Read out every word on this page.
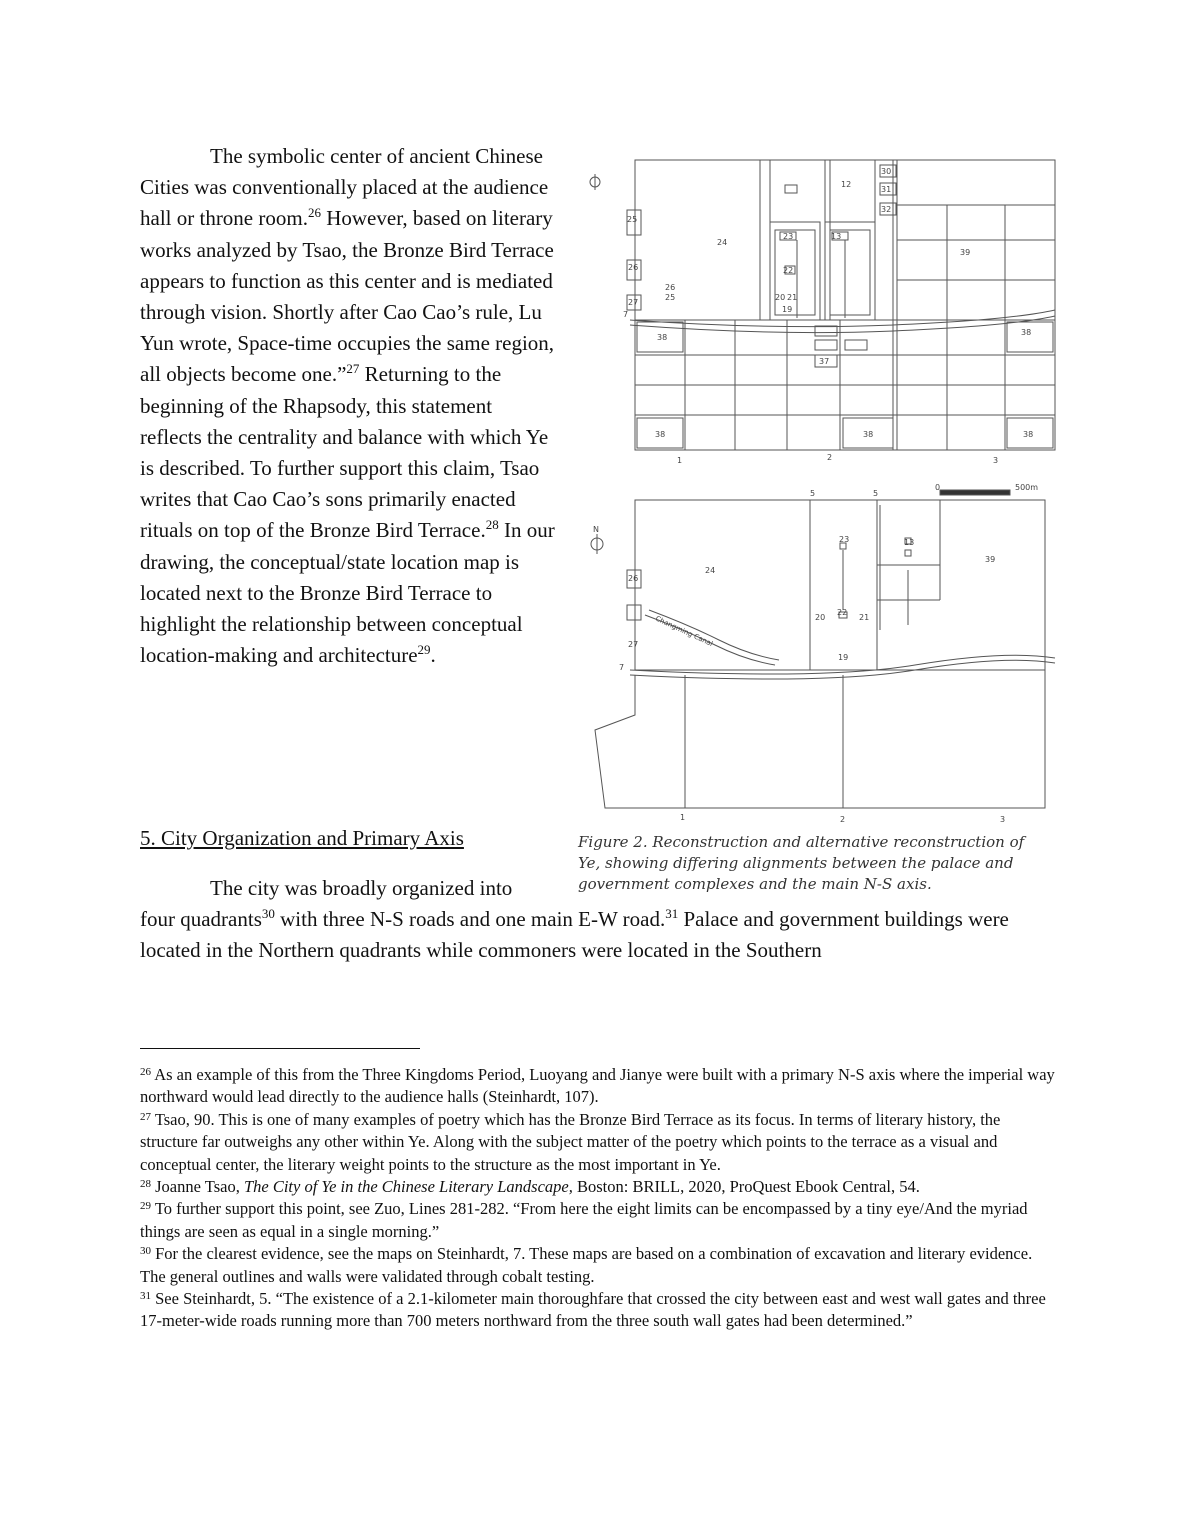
The symbolic center of ancient Chinese Cities was conventionally placed at the audience hall or throne room.$^{26}$ However, based on literary works analyzed by Tsao, the Bronze Bird Terrace appears to function as this center and is mediated through vision. Shortly after Cao Cao’s rule, Lu Yun wrote, Space-time occupies the same region, all objects become one.”$^{27}$ Returning to the beginning of the Rhapsody, this statement reflects the centrality and balance with which Ye is described. To further support this claim, Tsao writes that Cao Cao’s sons primarily enacted rituals on top of the Bronze Bird Terrace.$^{28}$ In our drawing, the conceptual/state location map is located next to the Bronze Bird Terrace to highlight the relationship between conceptual location-making and architecture$^{29}$.

5. City Organization and Primary Axis
The city was broadly organized into

four quadrants$^{30}$ with three N-S roads and one main E-W road.$^{31}$ Palace and government buildings were located in the Northern quadrants while commoners were located in the Southern

24
25
26
25
26
27
20 21
22
23	13
19
12
30
31
32
39
38
38	38	38
38
37
1	2	3
7
5	5
0	500m
23	13
24
39
26
20
22
21
27
7
19
1	2	3
N
Changming Canal
Figure 2. Reconstruction and alternative reconstruction of Ye, showing differing alignments between the palace and government complexes and the main N-S axis.

$^{26}$ As an example of this from the Three Kingdoms Period, Luoyang and Jianye were built with a primary N-S axis where the imperial way northward would lead directly to the audience halls (Steinhardt, 107).

$^{27}$ Tsao, 90. This is one of many examples of poetry which has the Bronze Bird Terrace as its focus. In terms of literary history, the structure far outweighs any other within Ye. Along with the subject matter of the poetry which points to the terrace as a visual and conceptual center, the literary weight points to the structure as the most important in Ye.

$^{28}$ Joanne Tsao, The City of Ye in the Chinese Literary Landscape, Boston: BRILL, 2020, ProQuest Ebook Central, 54.

$^{29}$ To further support this point, see Zuo, Lines 281-282. “From here the eight limits can be encompassed by a tiny eye/And the myriad things are seen as equal in a single morning.”

$^{30}$ For the clearest evidence, see the maps on Steinhardt, 7. These maps are based on a combination of excavation and literary evidence. The general outlines and walls were validated through cobalt testing.

$^{31}$ See Steinhardt, 5. “The existence of a 2.1-kilometer main thoroughfare that crossed the city between east and west wall gates and three 17-meter-wide roads running more than 700 meters northward from the three south wall gates had been determined.”
